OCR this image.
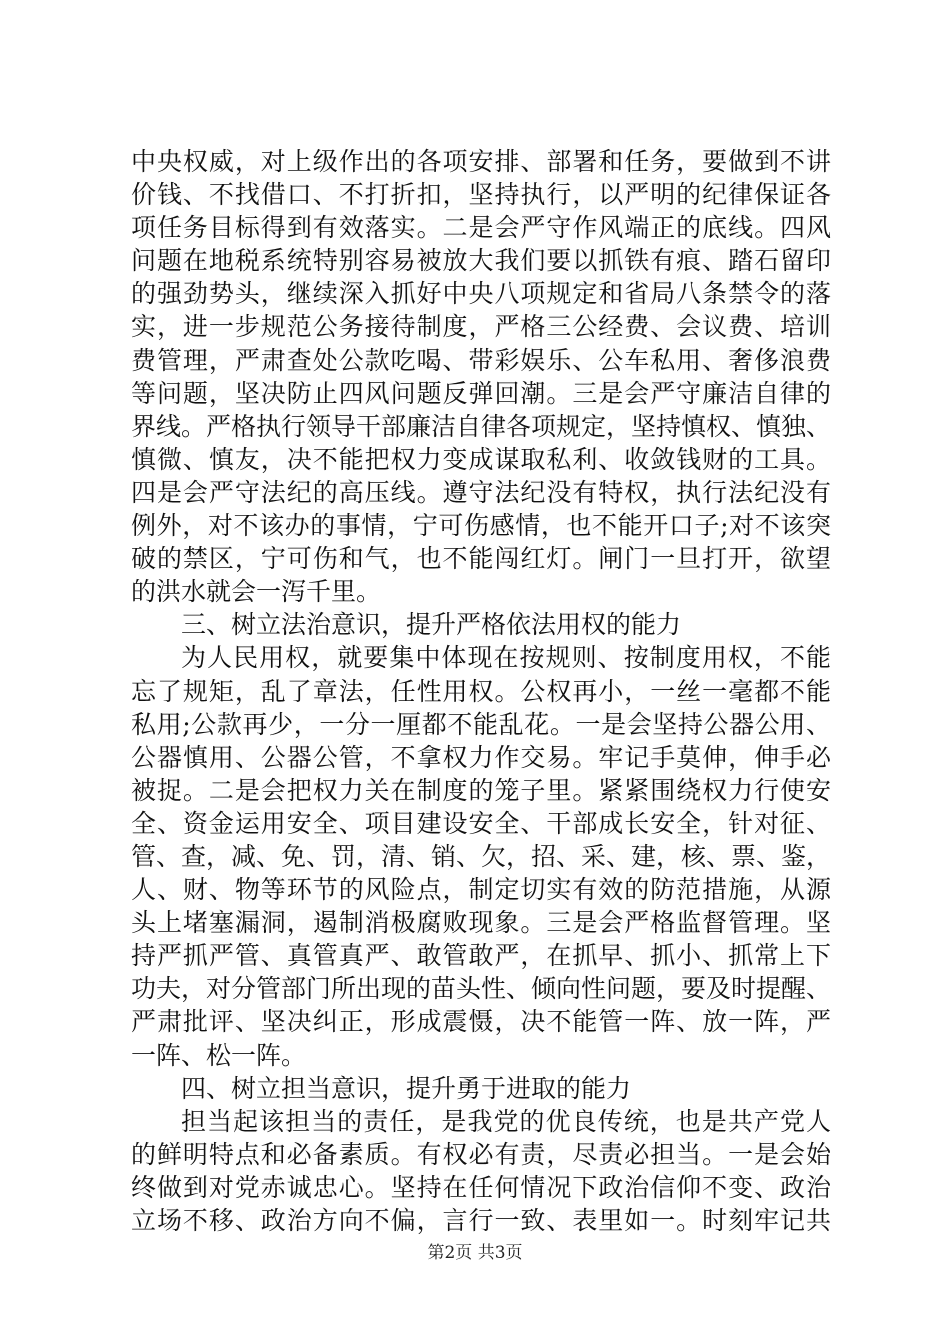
中央权威，对上级作出的各项安排、部署和任务，要做到不讲
价钱、不找借口、不打折扣，坚持执行，以严明的纪律保证各
项任务目标得到有效落实。二是会严守作风端正的底线。四风
问题在地税系统特别容易被放大我们要以抓铁有痕、踏石留印
的强劲势头，继续深入抓好中央八项规定和省局八条禁令的落
实，进一步规范公务接待制度，严格三公经费、会议费、培训
费管理，严肃查处公款吃喝、带彩娱乐、公车私用、奢侈浪费
等问题，坚决防止四风问题反弹回潮。三是会严守廉洁自律的
界线。严格执行领导干部廉洁自律各项规定，坚持慎权、慎独、
慎微、慎友，决不能把权力变成谋取私利、收敛钱财的工具。
四是会严守法纪的高压线。遵守法纪没有特权，执行法纪没有
例外，对不该办的事情，宁可伤感情，也不能开口子;对不该突
破的禁区，宁可伤和气，也不能闯红灯。闸门一旦打开，欲望
的洪水就会一泻千里。
三、树立法治意识，提升严格依法用权的能力
为人民用权，就要集中体现在按规则、按制度用权，不能
忘了规矩，乱了章法，任性用权。公权再小，一丝一毫都不能
私用;公款再少，一分一厘都不能乱花。一是会坚持公器公用、
公器慎用、公器公管，不拿权力作交易。牢记手莫伸，伸手必
被捉。二是会把权力关在制度的笼子里。紧紧围绕权力行使安
全、资金运用安全、项目建设安全、干部成长安全，针对征、
管、查，减、免、罚，清、销、欠，招、采、建，核、票、鉴，
人、财、物等环节的风险点，制定切实有效的防范措施，从源
头上堵塞漏洞，遏制消极腐败现象。三是会严格监督管理。坚
持严抓严管、真管真严、敢管敢严，在抓早、抓小、抓常上下
功夫，对分管部门所出现的苗头性、倾向性问题，要及时提醒、
严肃批评、坚决纠正，形成震慑，决不能管一阵、放一阵，严
一阵、松一阵。
四、树立担当意识，提升勇于进取的能力
担当起该担当的责任，是我党的优良传统，也是共产党人
的鲜明特点和必备素质。有权必有责，尽责必担当。一是会始
终做到对党赤诚忠心。坚持在任何情况下政治信仰不变、政治
立场不移、政治方向不偏，言行一致、表里如一。时刻牢记共
第2页 共3页
